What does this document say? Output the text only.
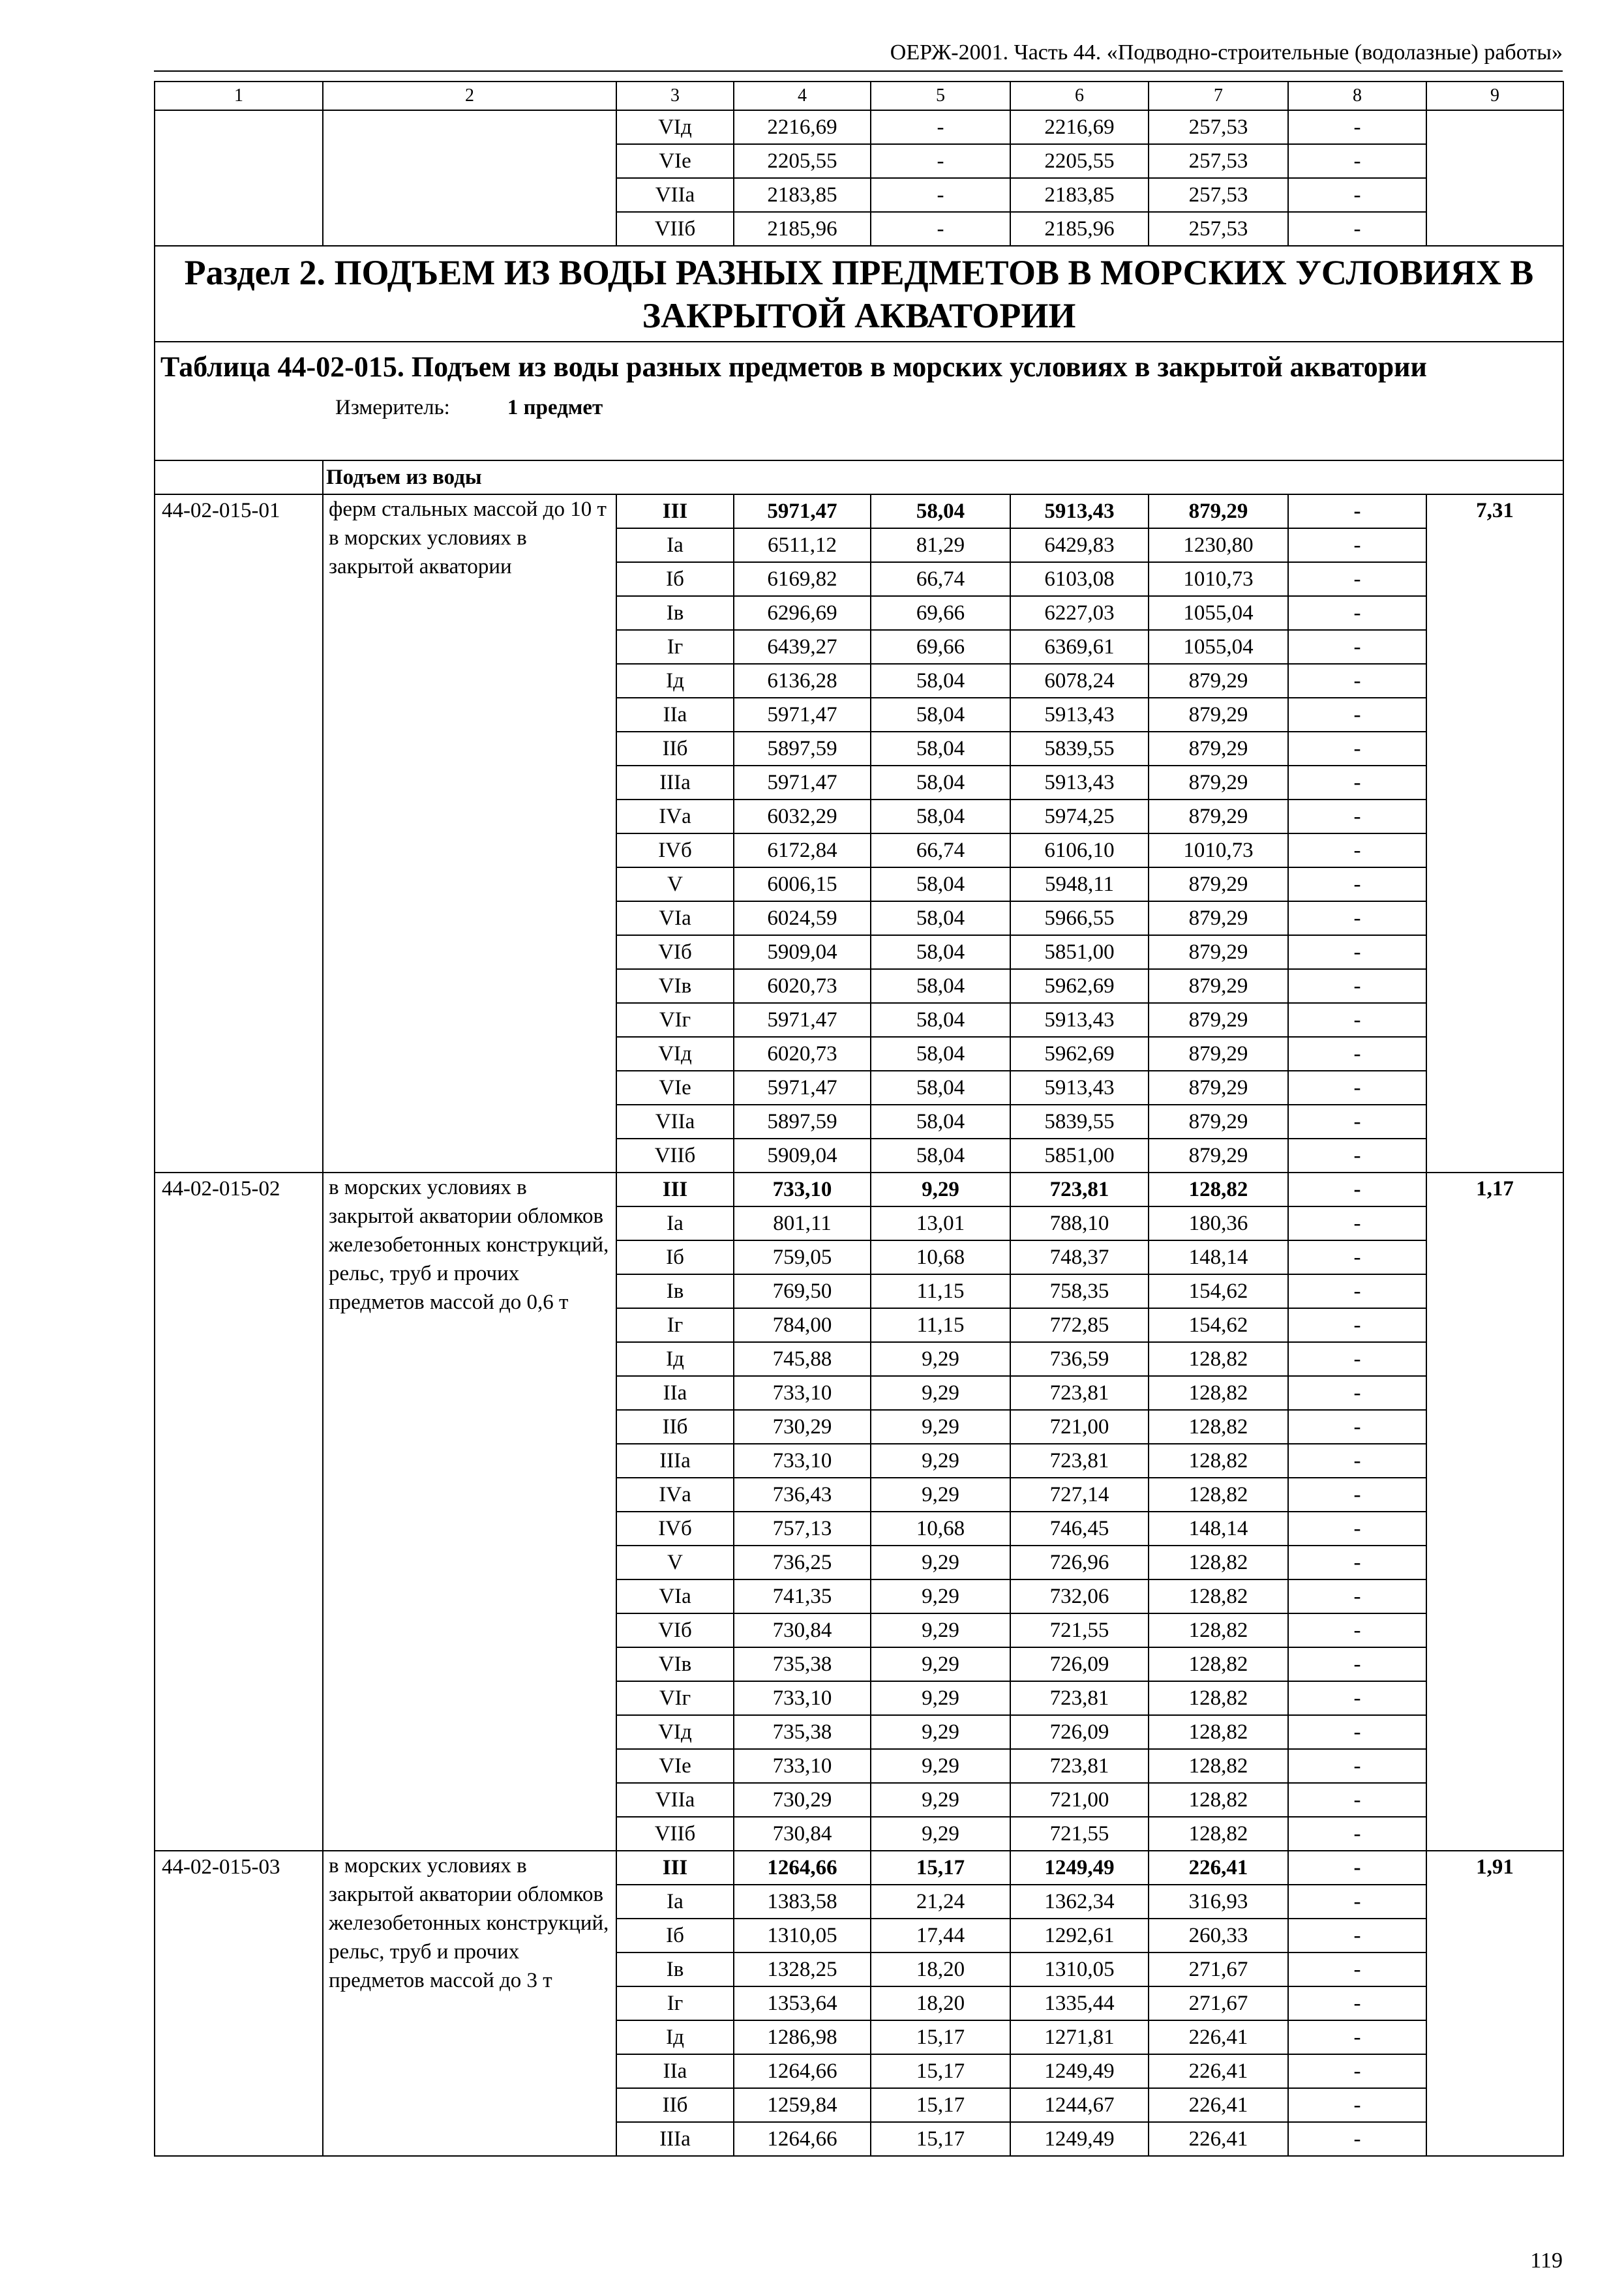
ОЕРЖ-2001. Часть 44. «Подводно-строительные (водолазные) работы»
1	2	3	4	5	6	7	8	9
		VIд	2216,69	-	2216,69	257,53	-	
		VIе	2205,55	-	2205,55	257,53	-	
		VIIа	2183,85	-	2183,85	257,53	-	
		VIIб	2185,96	-	2185,96	257,53	-	
Раздел 2. ПОДЪЕМ ИЗ ВОДЫ РАЗНЫХ ПРЕДМЕТОВ В МОРСКИХ УСЛОВИЯХ В ЗАКРЫТОЙ АКВАТОРИИ								
Таблица 44-02-015. Подъем из воды разных предметов в морских условиях в закрытой акватории
Измеритель: 1 предмет								

	Подъем из воды							
44-02-015-01	ферм стальных массой до 10 т в морских условиях в закрытой акватории	III	5971,47	58,04	5913,43	879,29	-	7,31
		Iа	6511,12	81,29	6429,83	1230,80	-	
		Iб	6169,82	66,74	6103,08	1010,73	-	
		Iв	6296,69	69,66	6227,03	1055,04	-	
		Iг	6439,27	69,66	6369,61	1055,04	-	
		Iд	6136,28	58,04	6078,24	879,29	-	
		IIа	5971,47	58,04	5913,43	879,29	-	
		IIб	5897,59	58,04	5839,55	879,29	-	
		IIIа	5971,47	58,04	5913,43	879,29	-	
		IVа	6032,29	58,04	5974,25	879,29	-	
		IVб	6172,84	66,74	6106,10	1010,73	-	
		V	6006,15	58,04	5948,11	879,29	-	
		VIа	6024,59	58,04	5966,55	879,29	-	
		VIб	5909,04	58,04	5851,00	879,29	-	
		VIв	6020,73	58,04	5962,69	879,29	-	
		VIг	5971,47	58,04	5913,43	879,29	-	
		VIд	6020,73	58,04	5962,69	879,29	-	
		VIе	5971,47	58,04	5913,43	879,29	-	
		VIIа	5897,59	58,04	5839,55	879,29	-	
		VIIб	5909,04	58,04	5851,00	879,29	-	
44-02-015-02	в морских условиях в закрытой акватории обломков железобетонных конструкций, рельс, труб и прочих предметов массой до 0,6 т	III	733,10	9,29	723,81	128,82	-	1,17
		Iа	801,11	13,01	788,10	180,36	-	
		Iб	759,05	10,68	748,37	148,14	-	
		Iв	769,50	11,15	758,35	154,62	-	
		Iг	784,00	11,15	772,85	154,62	-	
		Iд	745,88	9,29	736,59	128,82	-	
		IIа	733,10	9,29	723,81	128,82	-	
		IIб	730,29	9,29	721,00	128,82	-	
		IIIа	733,10	9,29	723,81	128,82	-	
		IVа	736,43	9,29	727,14	128,82	-	
		IVб	757,13	10,68	746,45	148,14	-	
		V	736,25	9,29	726,96	128,82	-	
		VIа	741,35	9,29	732,06	128,82	-	
		VIб	730,84	9,29	721,55	128,82	-	
		VIв	735,38	9,29	726,09	128,82	-	
		VIг	733,10	9,29	723,81	128,82	-	
		VIд	735,38	9,29	726,09	128,82	-	
		VIе	733,10	9,29	723,81	128,82	-	
		VIIа	730,29	9,29	721,00	128,82	-	
		VIIб	730,84	9,29	721,55	128,82	-	
44-02-015-03	в морских условиях в закрытой акватории обломков железобетонных конструкций, рельс, труб и прочих предметов массой до 3 т	III	1264,66	15,17	1249,49	226,41	-	1,91
		Iа	1383,58	21,24	1362,34	316,93	-	
		Iб	1310,05	17,44	1292,61	260,33	-	
		Iв	1328,25	18,20	1310,05	271,67	-	
		Iг	1353,64	18,20	1335,44	271,67	-	
		Iд	1286,98	15,17	1271,81	226,41	-	
		IIа	1264,66	15,17	1249,49	226,41	-	
		IIб	1259,84	15,17	1244,67	226,41	-	
		IIIа	1264,66	15,17	1249,49	226,41	-	
119
